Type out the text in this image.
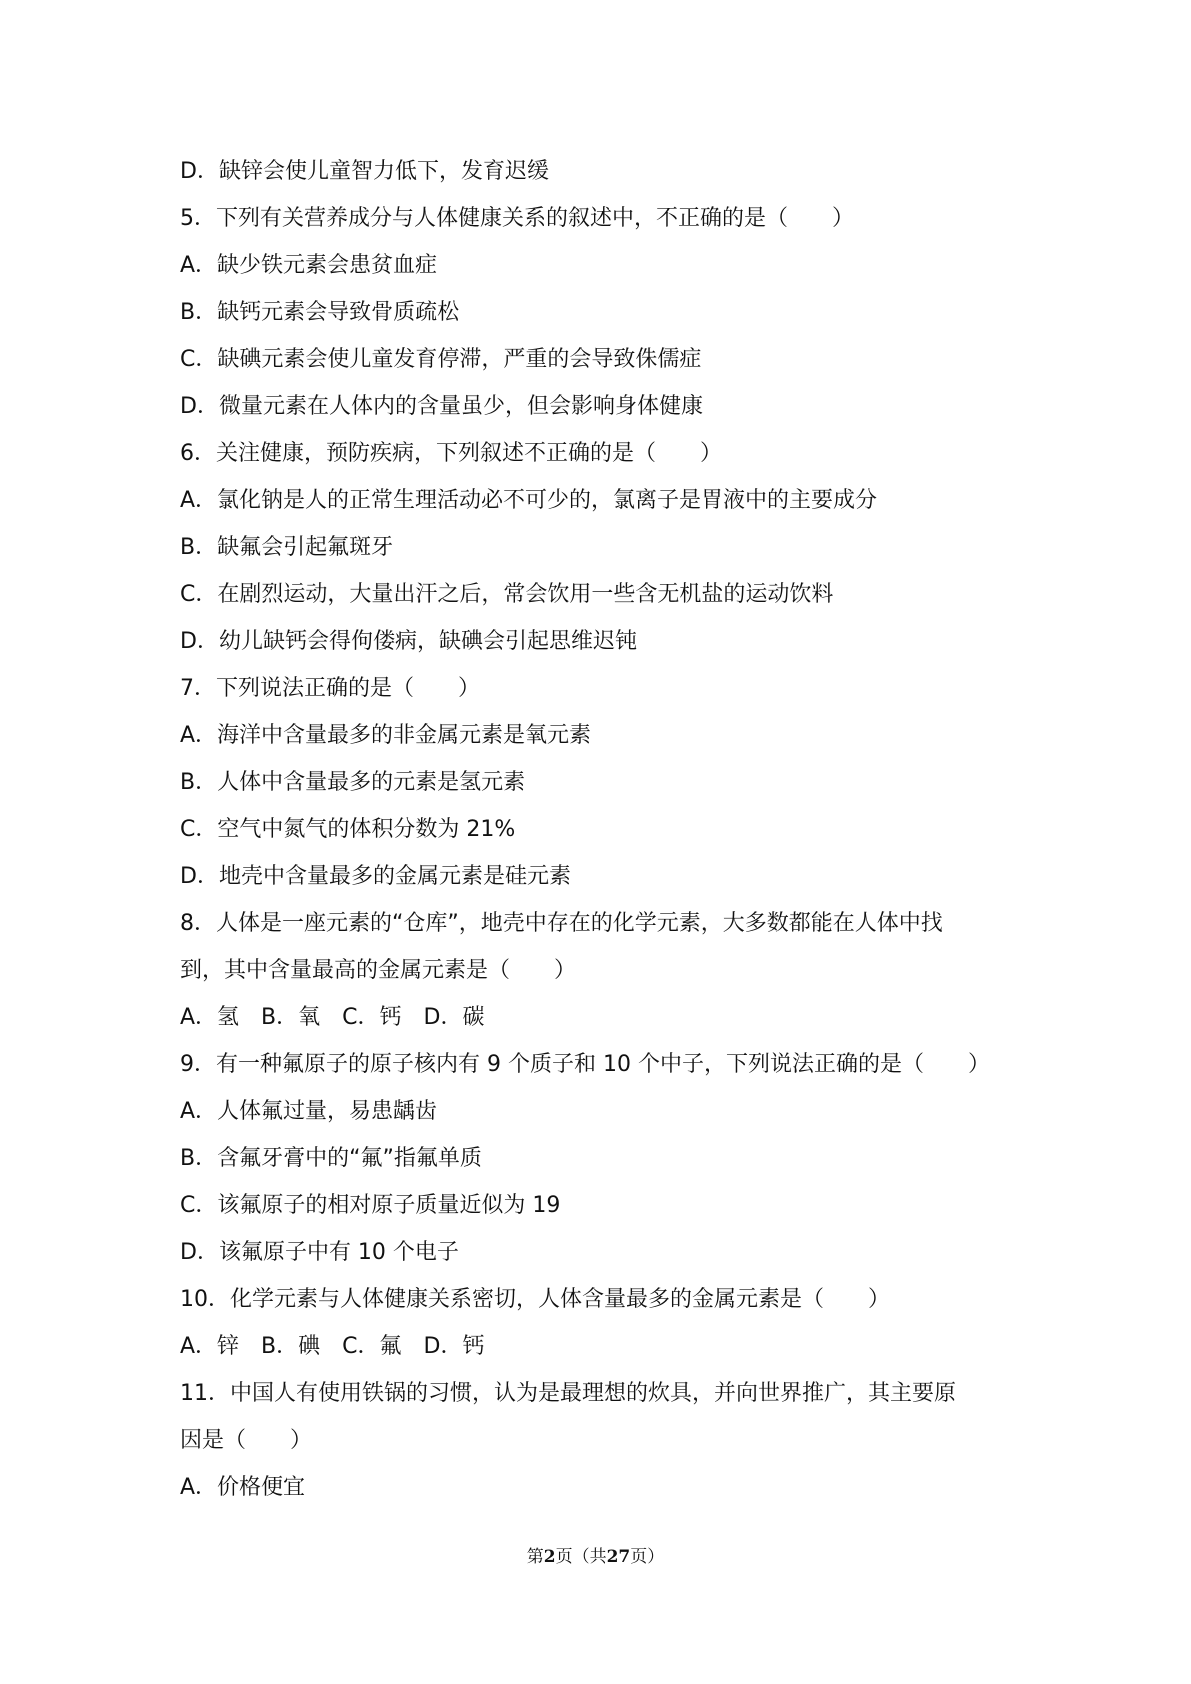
D．缺锌会使儿童智力低下，发育迟缓
5．下列有关营养成分与人体健康关系的叙述中，不正确的是（　　）
A．缺少铁元素会患贫血症
B．缺钙元素会导致骨质疏松
C．缺碘元素会使儿童发育停滞，严重的会导致侏儒症
D．微量元素在人体内的含量虽少，但会影响身体健康
6．关注健康，预防疾病，下列叙述不正确的是（　　）
A．氯化钠是人的正常生理活动必不可少的，氯离子是胃液中的主要成分
B．缺氟会引起氟斑牙
C．在剧烈运动，大量出汗之后，常会饮用一些含无机盐的运动饮料
D．幼儿缺钙会得佝偻病，缺碘会引起思维迟钝
7．下列说法正确的是（　　）
A．海洋中含量最多的非金属元素是氧元素
B．人体中含量最多的元素是氢元素
C．空气中氮气的体积分数为 21%
D．地壳中含量最多的金属元素是硅元素
8．人体是一座元素的“仓库”，地壳中存在的化学元素，大多数都能在人体中找
到，其中含量最高的金属元素是（　　）
A．氢　B．氧　C．钙　D．碳
9．有一种氟原子的原子核内有 9 个质子和 10 个中子，下列说法正确的是（　　）
A．人体氟过量，易患龋齿
B．含氟牙膏中的“氟”指氟单质
C．该氟原子的相对原子质量近似为 19
D．该氟原子中有 10 个电子
10．化学元素与人体健康关系密切，人体含量最多的金属元素是（　　）
A．锌　B．碘　C．氟　D．钙
11．中国人有使用铁锅的习惯，认为是最理想的炊具，并向世界推广，其主要原
因是（　　）
A．价格便宜
第2页（共27页）
